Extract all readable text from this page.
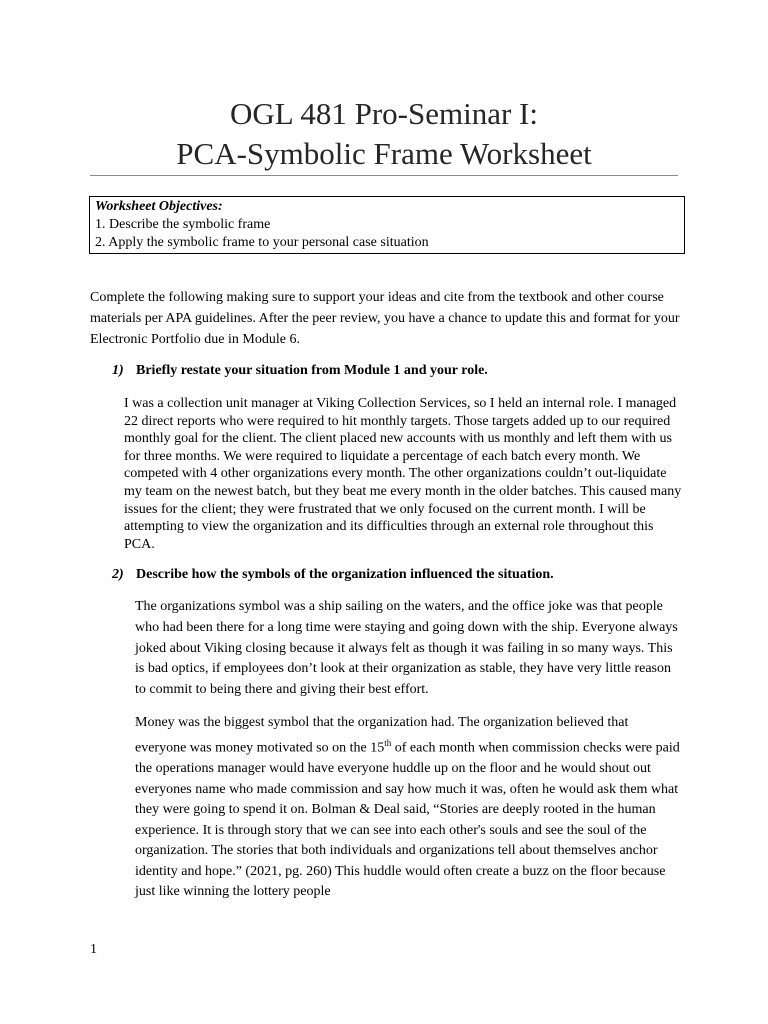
OGL 481 Pro-Seminar I:
PCA-Symbolic Frame Worksheet
Worksheet Objectives:
1. Describe the symbolic frame
2. Apply the symbolic frame to your personal case situation

Complete the following making sure to support your ideas and cite from the textbook and other course materials per APA guidelines. After the peer review, you have a chance to update this and format for your Electronic Portfolio due in Module 6.

1) Briefly restate your situation from Module 1 and your role.

I was a collection unit manager at Viking Collection Services, so I held an internal role. I managed 22 direct reports who were required to hit monthly targets. Those targets added up to our required monthly goal for the client. The client placed new accounts with us monthly and left them with us for three months. We were required to liquidate a percentage of each batch every month. We competed with 4 other organizations every month. The other organizations couldn’t out-liquidate my team on the newest batch, but they beat me every month in the older batches. This caused many issues for the client; they were frustrated that we only focused on the current month. I will be attempting to view the organization and its difficulties through an external role throughout this PCA.

2) Describe how the symbols of the organization influenced the situation.

The organizations symbol was a ship sailing on the waters, and the office joke was that people who had been there for a long time were staying and going down with the ship. Everyone always joked about Viking closing because it always felt as though it was failing in so many ways. This is bad optics, if employees don’t look at their organization as stable, they have very little reason to commit to being there and giving their best effort.

Money was the biggest symbol that the organization had. The organization believed that everyone was money motivated so on the 15th of each month when commission checks were paid the operations manager would have everyone huddle up on the floor and he would shout out everyones name who made commission and say how much it was, often he would ask them what they were going to spend it on. Bolman & Deal said, “Stories are deeply rooted in the human experience. It is through story that we can see into each other's souls and see the soul of the organization. The stories that both individuals and organizations tell about themselves anchor identity and hope.” (2021, pg. 260) This huddle would often create a buzz on the floor because just like winning the lottery people

1
